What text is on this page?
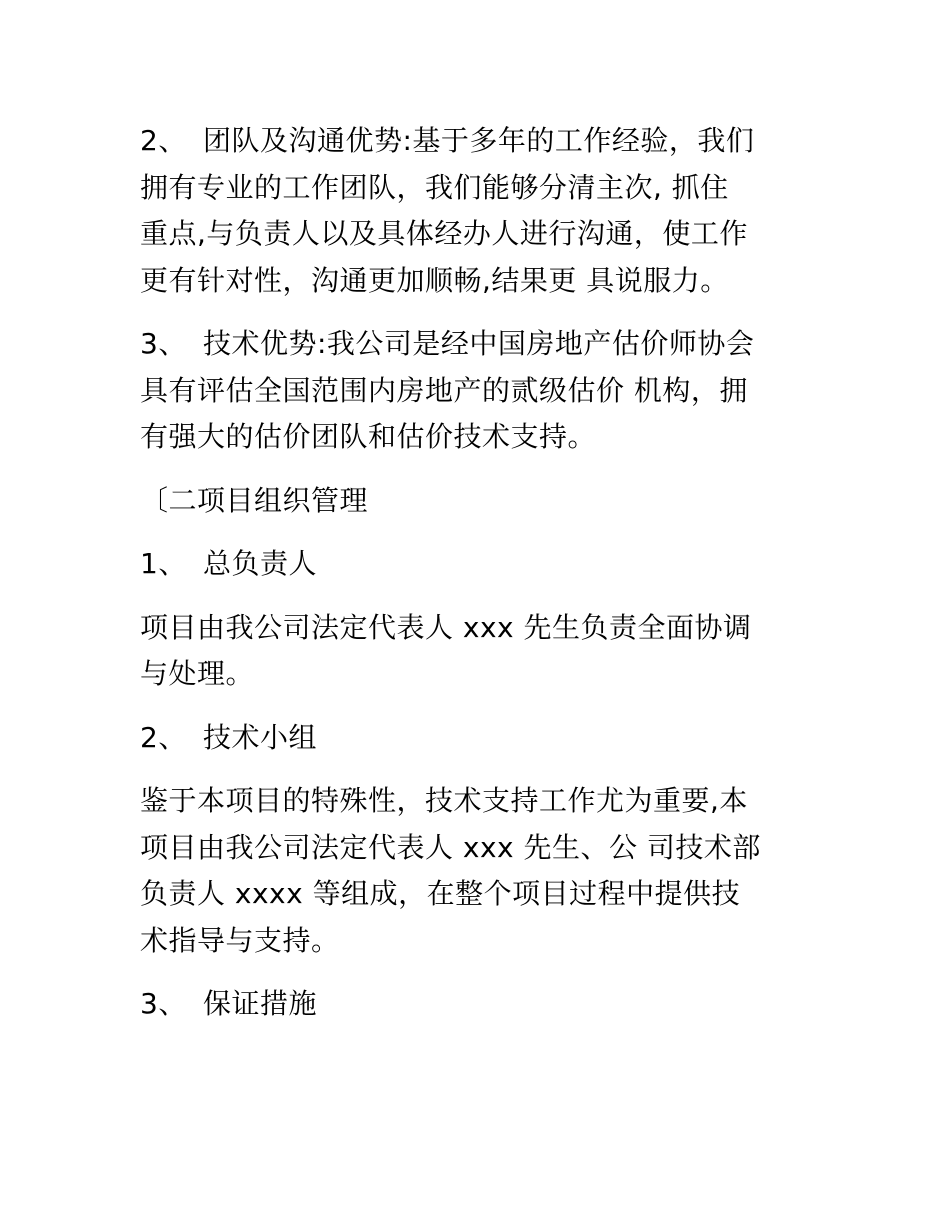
2、 团队及沟通优势:基于多年的工作经验，我们
拥有专业的工作团队，我们能够分清主次, 抓住
重点,与负责人以及具体经办人进行沟通，使工作
更有针对性，沟通更加顺畅,结果更 具说服力。

3、 技术优势:我公司是经中国房地产估价师协会
具有评估全国范围内房地产的贰级估价 机构，拥
有强大的估价团队和估价技术支持。

〔二项目组织管理

1、 总负责人

项目由我公司法定代表人 xxx 先生负责全面协调
与处理。

2、 技术小组

鉴于本项目的特殊性，技术支持工作尤为重要,本
项目由我公司法定代表人 xxx 先生、公 司技术部
负责人 xxxx 等组成，在整个项目过程中提供技
术指导与支持。

3、 保证措施
